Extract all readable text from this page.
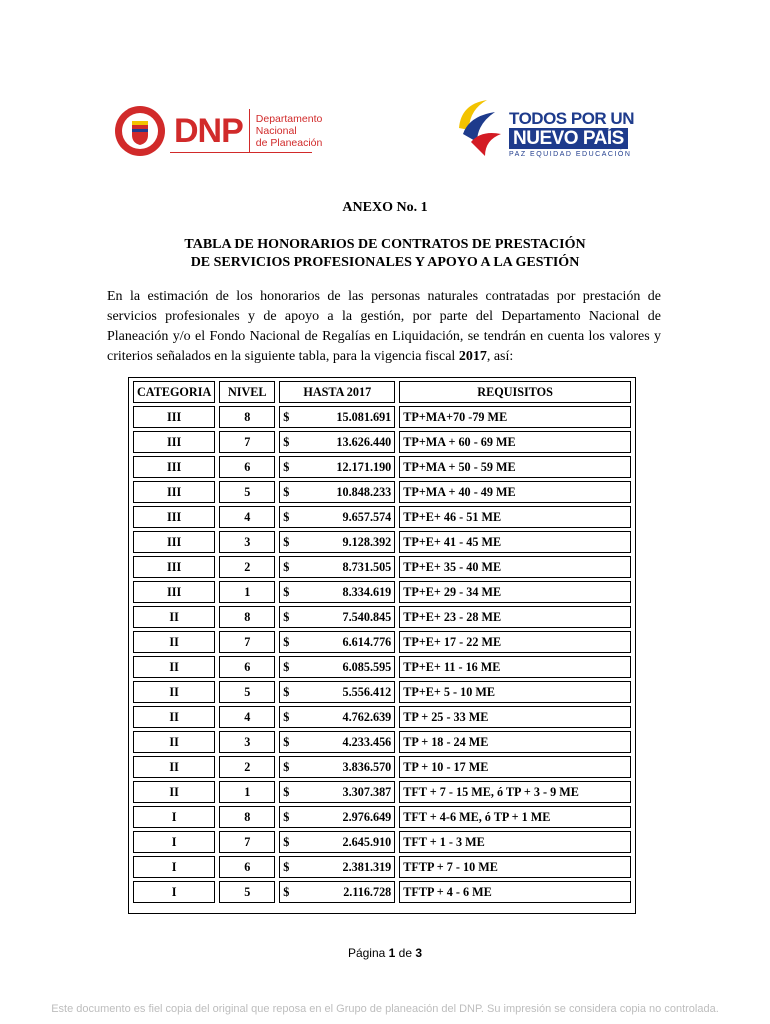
DNP Departamento
Nacional
de Planeación
TODOS POR UN
NUEVO PAÍS
PAZ EQUIDAD EDUCACIÓN
ANEXO No. 1
TABLA DE HONORARIOS DE CONTRATOS DE PRESTACIÓN
DE SERVICIOS PROFESIONALES Y APOYO A LA GESTIÓN
En la estimación de los honorarios de las personas naturales contratadas por prestación de servicios profesionales y de apoyo a la gestión, por parte del Departamento Nacional de Planeación y/o el Fondo Nacional de Regalías en Liquidación, se tendrán en cuenta los valores y criterios señalados en la siguiente tabla, para la vigencia fiscal 2017, así:
CATEGORIA	NIVEL	HASTA 2017	REQUISITOS
III	8	$ 15.081.691	TP+MA+70 -79 ME
III	7	$ 13.626.440	TP+MA + 60 - 69 ME
III	6	$ 12.171.190	TP+MA + 50 - 59 ME
III	5	$ 10.848.233	TP+MA + 40 - 49 ME
III	4	$ 9.657.574	TP+E+ 46 - 51 ME
III	3	$ 9.128.392	TP+E+ 41 - 45 ME
III	2	$ 8.731.505	TP+E+ 35 - 40 ME
III	1	$ 8.334.619	TP+E+ 29 - 34 ME
II	8	$ 7.540.845	TP+E+ 23 - 28 ME
II	7	$ 6.614.776	TP+E+ 17 - 22 ME
II	6	$ 6.085.595	TP+E+ 11 - 16 ME
II	5	$ 5.556.412	TP+E+ 5 - 10 ME
II	4	$ 4.762.639	TP + 25 - 33 ME
II	3	$ 4.233.456	TP + 18 - 24 ME
II	2	$ 3.836.570	TP + 10 - 17 ME
II	1	$ 3.307.387	TFT + 7 - 15 ME, ó TP + 3 - 9 ME
I	8	$ 2.976.649	TFT + 4-6 ME, ó TP + 1 ME
I	7	$ 2.645.910	TFT + 1 - 3 ME
I	6	$ 2.381.319	TFTP + 7 - 10 ME
I	5	$ 2.116.728	TFTP + 4 - 6 ME
Página 1 de 3
Este documento es fiel copia del original que reposa en el Grupo de planeación del DNP. Su impresión se considera copia no controlada.
